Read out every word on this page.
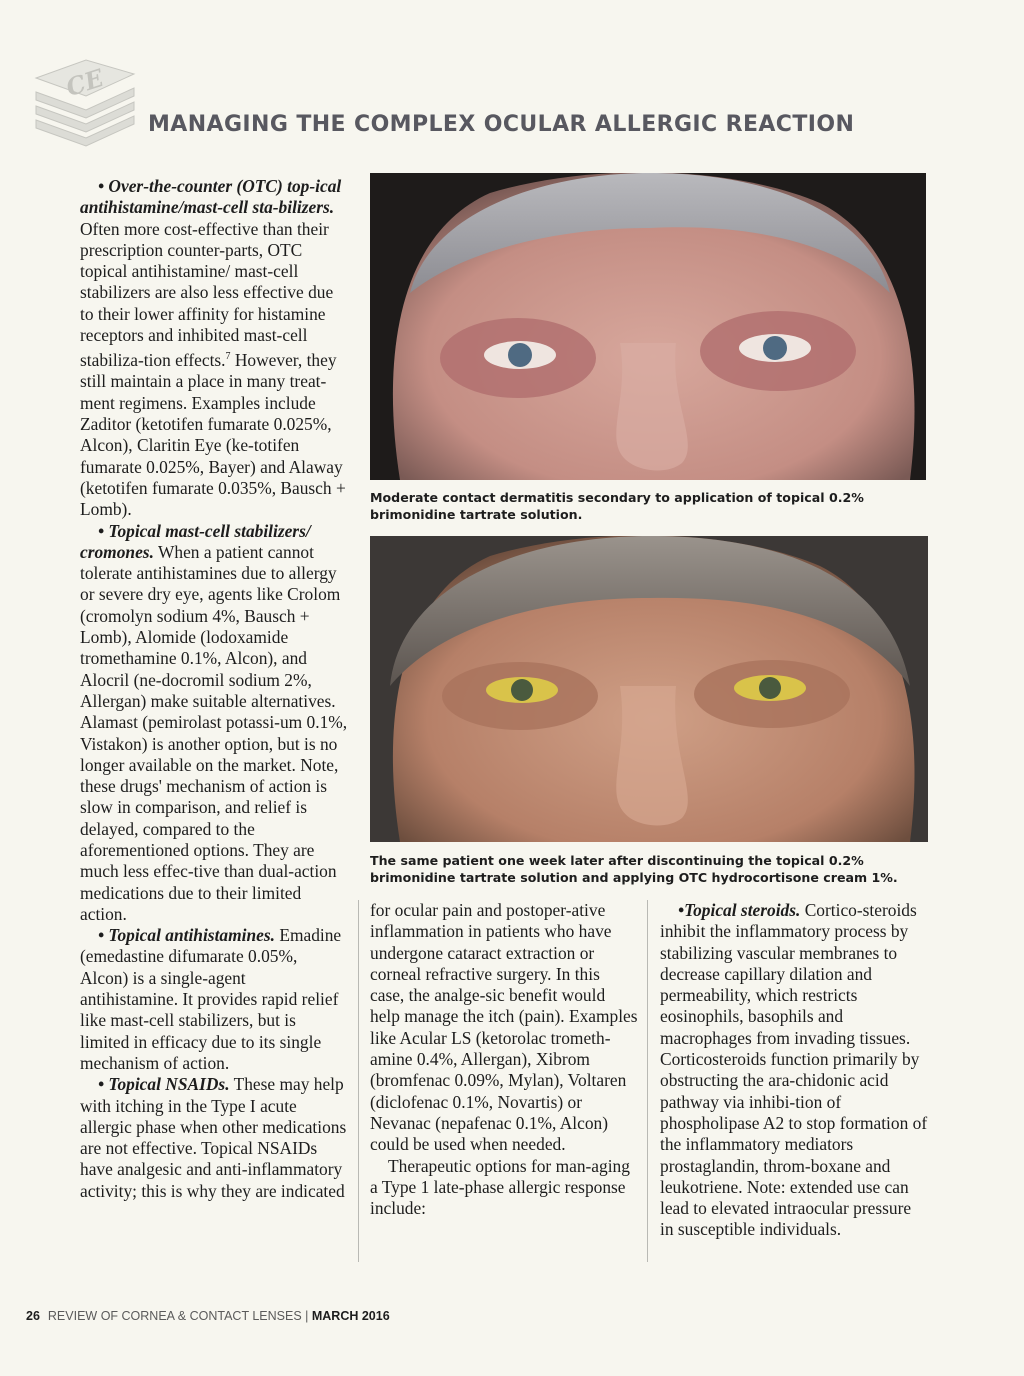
CE
MANAGING THE COMPLEX OCULAR ALLERGIC REACTION

• Over-the-counter (OTC) top-ical antihistamine/mast-cell sta-bilizers. Often more cost-effective than their prescription counter-parts, OTC topical antihistamine/ mast-cell stabilizers are also less effective due to their lower affinity for histamine receptors and inhibited mast-cell stabiliza-tion effects.$^7$ However, they still maintain a place in many treat-ment regimens. Examples include Zaditor (ketotifen fumarate 0.025%, Alcon), Claritin Eye (ke-totifen fumarate 0.025%, Bayer) and Alaway (ketotifen fumarate 0.035%, Bausch + Lomb).

• Topical mast-cell stabilizers/ cromones. When a patient cannot tolerate antihistamines due to allergy or severe dry eye, agents like Crolom (cromolyn sodium 4%, Bausch + Lomb), Alomide (lodoxamide tromethamine 0.1%, Alcon), and Alocril (ne-docromil sodium 2%, Allergan) make suitable alternatives. Alamast (pemirolast potassi-um 0.1%, Vistakon) is another option, but is no longer available on the market. Note, these drugs' mechanism of action is slow in comparison, and relief is delayed, compared to the aforementioned options. They are much less effec-tive than dual-action medications due to their limited action.

• Topical antihistamines. Emadine (emedastine difumarate 0.05%, Alcon) is a single-agent antihistamine. It provides rapid relief like mast-cell stabilizers, but is limited in efficacy due to its single mechanism of action.

• Topical NSAIDs. These may help with itching in the Type I acute allergic phase when other medications are not effective. Topical NSAIDs have analgesic and anti-inflammatory activity; this is why they are indicated

Moderate contact dermatitis secondary to application of topical 0.2% brimonidine tartrate solution.
The same patient one week later after discontinuing the topical 0.2% brimonidine tartrate solution and applying OTC hydrocortisone cream 1%.

for ocular pain and postoper-ative inflammation in patients who have undergone cataract extraction or corneal refractive surgery. In this case, the analge-sic benefit would help manage the itch (pain). Examples like Acular LS (ketorolac trometh-amine 0.4%, Allergan), Xibrom (bromfenac 0.09%, Mylan), Voltaren (diclofenac 0.1%, Novartis) or Nevanac (nepafenac 0.1%, Alcon) could be used when needed.

Therapeutic options for man-aging a Type 1 late-phase allergic response include:

•Topical steroids. Cortico-steroids inhibit the inflammatory process by stabilizing vascular membranes to decrease capillary dilation and permeability, which restricts eosinophils, basophils and macrophages from invading tissues. Corticosteroids function primarily by obstructing the ara-chidonic acid pathway via inhibi-tion of phospholipase A2 to stop formation of the inflammatory mediators prostaglandin, throm-boxane and leukotriene. Note: extended use can lead to elevated intraocular pressure in susceptible individuals.

26 REVIEW OF CORNEA & CONTACT LENSES | MARCH 2016
